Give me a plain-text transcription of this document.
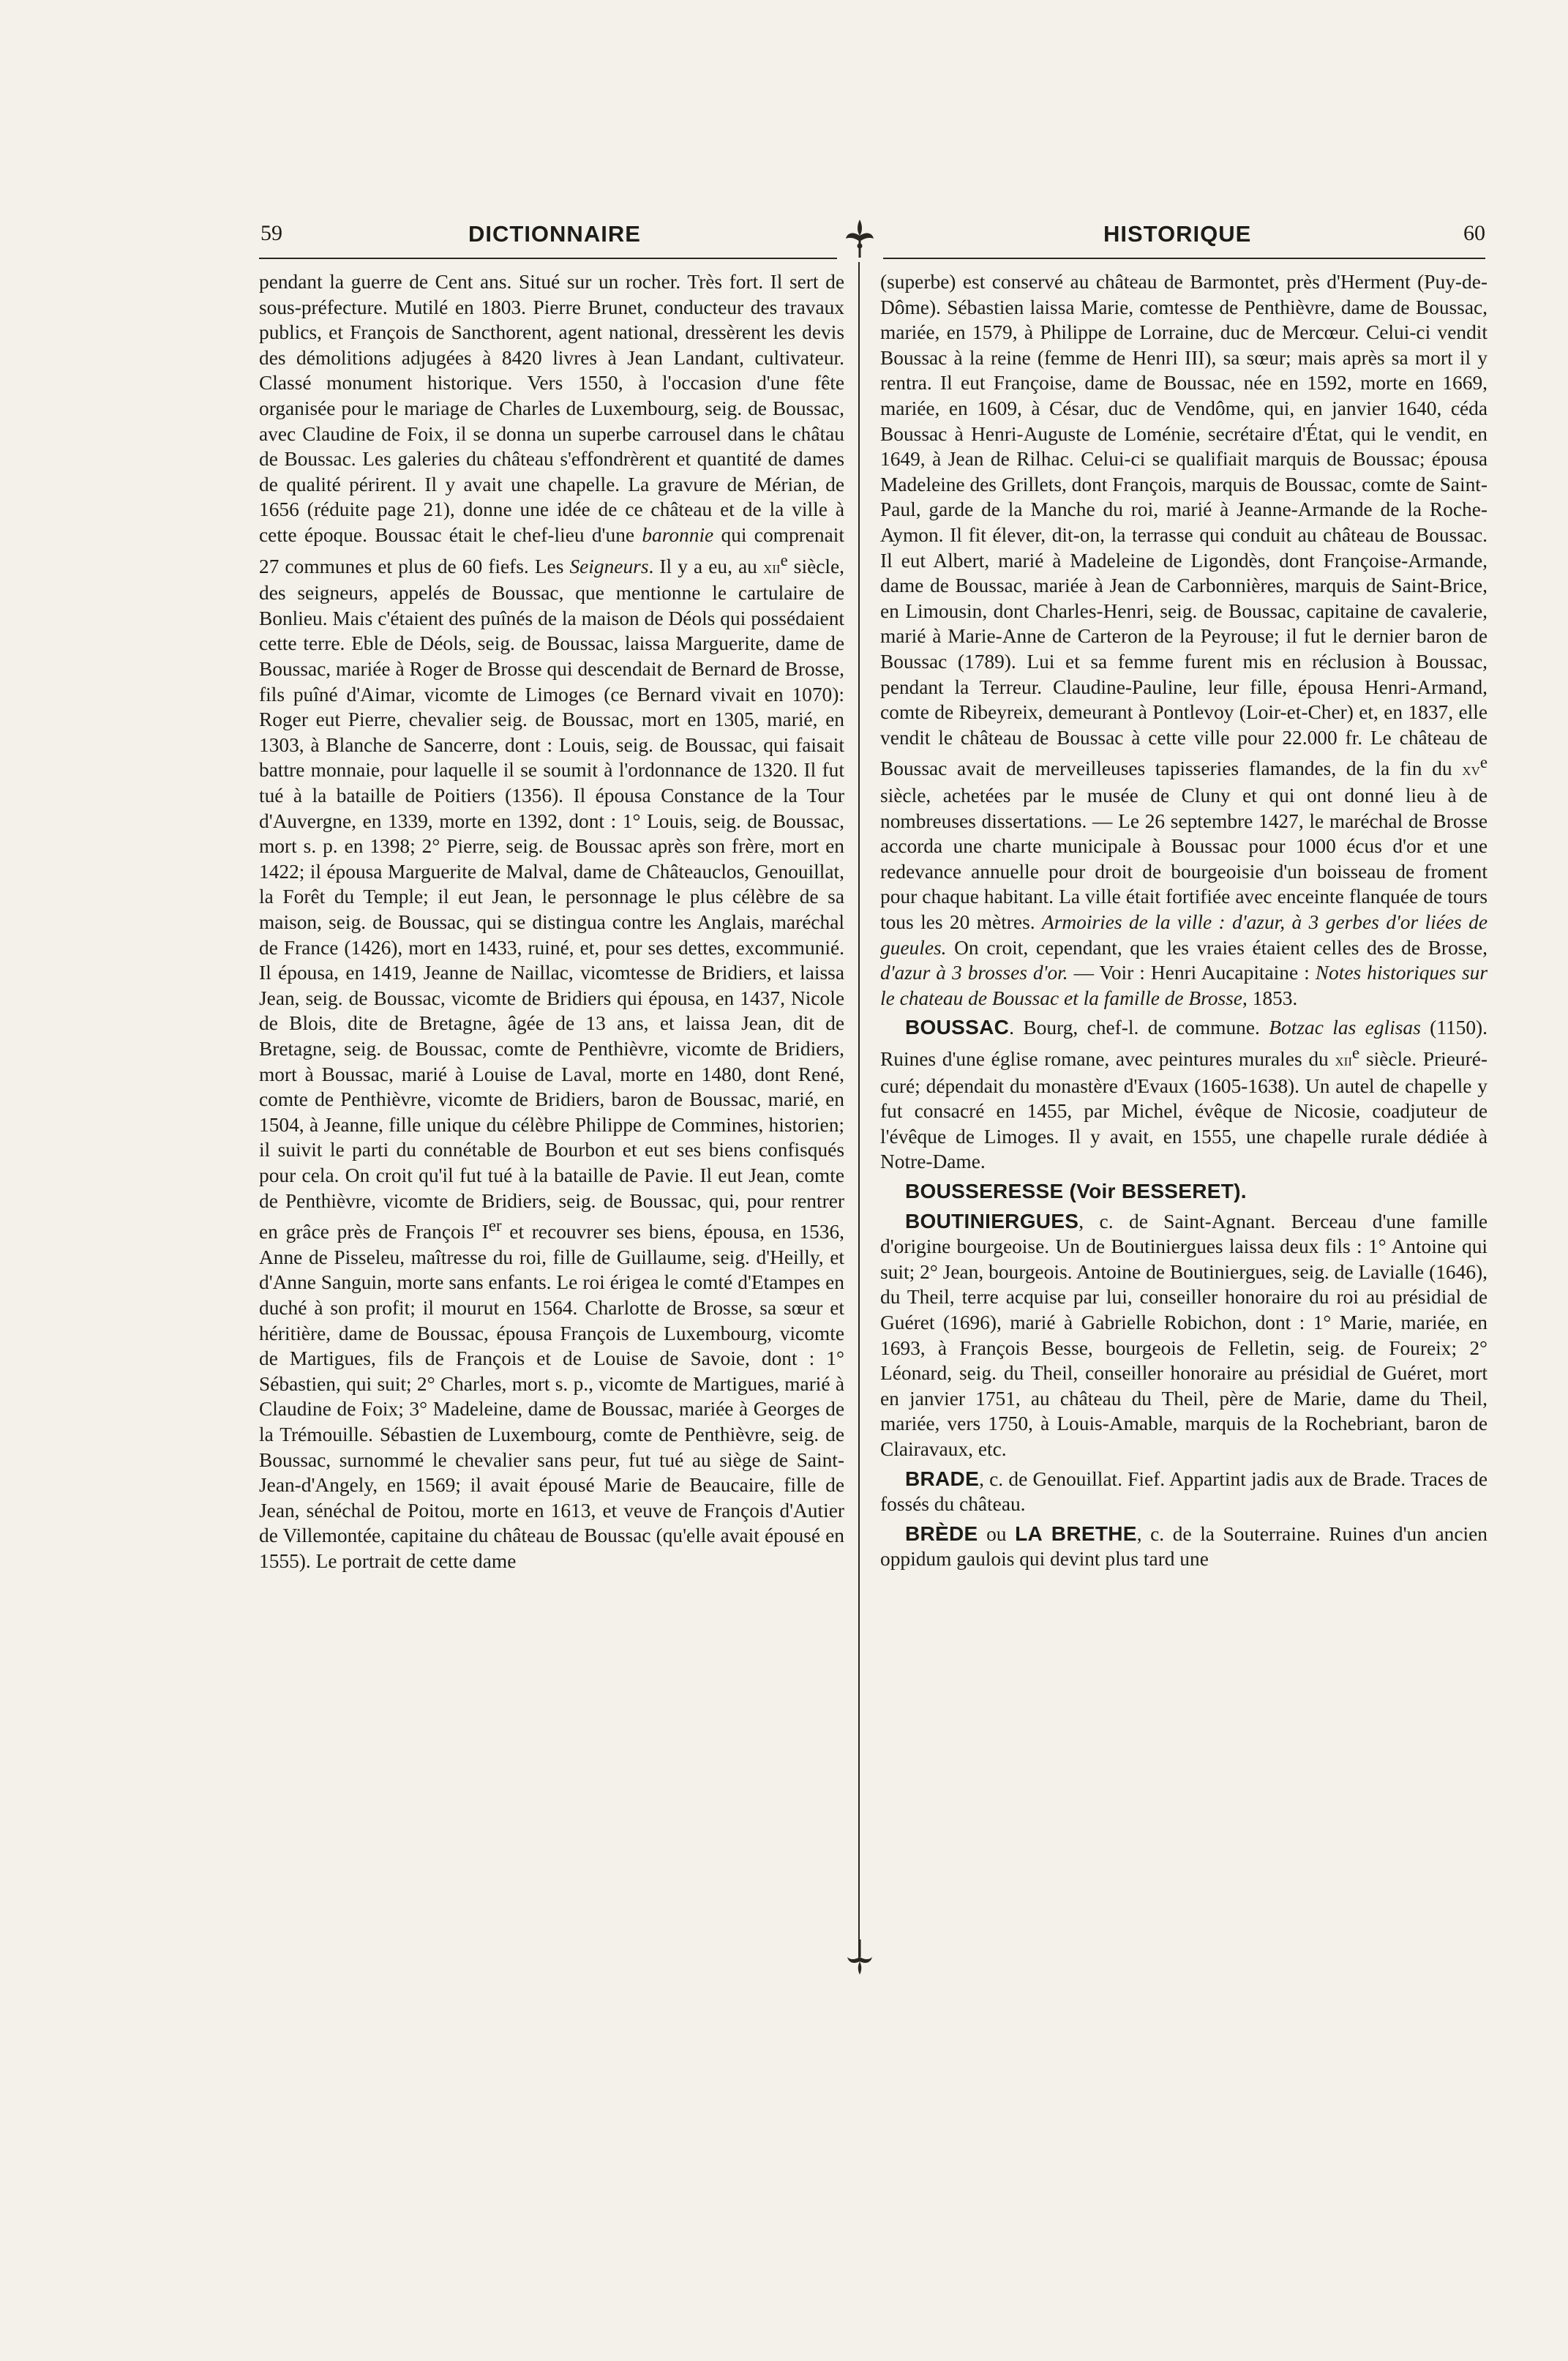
59	DICTIONNAIRE	HISTORIQUE	60

pendant la guerre de Cent ans. Situé sur un rocher. Très fort. Il sert de sous-préfecture. Mutilé en 1803. Pierre Brunet, conducteur des travaux publics, et François de Sancthorent, agent national, dressèrent les devis des démolitions adjugées à 8420 livres à Jean Landant, cultivateur. Classé monument historique. Vers 1550, à l'occasion d'une fête organisée pour le mariage de Charles de Luxembourg, seig. de Boussac, avec Claudine de Foix, il se donna un superbe carrousel dans le châtau de Boussac. Les galeries du château s'effondrèrent et quantité de dames de qualité périrent. Il y avait une chapelle. La gravure de Mérian, de 1656 (réduite page 21), donne une idée de ce château et de la ville à cette époque. Boussac était le chef-lieu d'une baronnie qui comprenait 27 communes et plus de 60 fiefs. Les Seigneurs. Il y a eu, au xii$^e$ siècle, des seigneurs, appelés de Boussac, que mentionne le cartulaire de Bonlieu. Mais c'étaient des puînés de la maison de Déols qui possédaient cette terre. Eble de Déols, seig. de Boussac, laissa Marguerite, dame de Boussac, mariée à Roger de Brosse qui descendait de Bernard de Brosse, fils puîné d'Aimar, vicomte de Limoges (ce Bernard vivait en 1070): Roger eut Pierre, chevalier seig. de Boussac, mort en 1305, marié, en 1303, à Blanche de Sancerre, dont : Louis, seig. de Boussac, qui faisait battre monnaie, pour laquelle il se soumit à l'ordonnance de 1320. Il fut tué à la bataille de Poitiers (1356). Il épousa Constance de la Tour d'Auvergne, en 1339, morte en 1392, dont : 1° Louis, seig. de Boussac, mort s. p. en 1398; 2° Pierre, seig. de Boussac après son frère, mort en 1422; il épousa Marguerite de Malval, dame de Châteauclos, Genouillat, la Forêt du Temple; il eut Jean, le personnage le plus célèbre de sa maison, seig. de Boussac, qui se distingua contre les Anglais, maréchal de France (1426), mort en 1433, ruiné, et, pour ses dettes, excommunié. Il épousa, en 1419, Jeanne de Naillac, vicomtesse de Bridiers, et laissa Jean, seig. de Boussac, vicomte de Bridiers qui épousa, en 1437, Nicole de Blois, dite de Bretagne, âgée de 13 ans, et laissa Jean, dit de Bretagne, seig. de Boussac, comte de Penthièvre, vicomte de Bridiers, mort à Boussac, marié à Louise de Laval, morte en 1480, dont René, comte de Penthièvre, vicomte de Bridiers, baron de Boussac, marié, en 1504, à Jeanne, fille unique du célèbre Philippe de Commines, historien; il suivit le parti du connétable de Bourbon et eut ses biens confisqués pour cela. On croit qu'il fut tué à la bataille de Pavie. Il eut Jean, comte de Penthièvre, vicomte de Bridiers, seig. de Boussac, qui, pour rentrer en grâce près de François Ier et recouvrer ses biens, épousa, en 1536, Anne de Pisseleu, maîtresse du roi, fille de Guillaume, seig. d'Heilly, et d'Anne Sanguin, morte sans enfants. Le roi érigea le comté d'Etampes en duché à son profit; il mourut en 1564. Charlotte de Brosse, sa sœur et héritière, dame de Boussac, épousa François de Luxembourg, vicomte de Martigues, fils de François et de Louise de Savoie, dont : 1° Sébastien, qui suit; 2° Charles, mort s. p., vicomte de Martigues, marié à Claudine de Foix; 3° Madeleine, dame de Boussac, mariée à Georges de la Trémouille. Sébastien de Luxembourg, comte de Penthièvre, seig. de Boussac, surnommé le chevalier sans peur, fut tué au siège de Saint-Jean-d'Angely, en 1569; il avait épousé Marie de Beaucaire, fille de Jean, sénéchal de Poitou, morte en 1613, et veuve de François d'Autier de Villemontée, capitaine du château de Boussac (qu'elle avait épousé en 1555). Le portrait de cette dame

(superbe) est conservé au château de Barmontet, près d'Herment (Puy-de-Dôme). Sébastien laissa Marie, comtesse de Penthièvre, dame de Boussac, mariée, en 1579, à Philippe de Lorraine, duc de Mercœur. Celui-ci vendit Boussac à la reine (femme de Henri III), sa sœur; mais après sa mort il y rentra. Il eut Françoise, dame de Boussac, née en 1592, morte en 1669, mariée, en 1609, à César, duc de Vendôme, qui, en janvier 1640, céda Boussac à Henri-Auguste de Loménie, secrétaire d'État, qui le vendit, en 1649, à Jean de Rilhac. Celui-ci se qualifiait marquis de Boussac; épousa Madeleine des Grillets, dont François, marquis de Boussac, comte de Saint-Paul, garde de la Manche du roi, marié à Jeanne-Armande de la Roche-Aymon. Il fit élever, dit-on, la terrasse qui conduit au château de Boussac. Il eut Albert, marié à Madeleine de Ligondès, dont Françoise-Armande, dame de Boussac, mariée à Jean de Carbonnières, marquis de Saint-Brice, en Limousin, dont Charles-Henri, seig. de Boussac, capitaine de cavalerie, marié à Marie-Anne de Carteron de la Peyrouse; il fut le dernier baron de Boussac (1789). Lui et sa femme furent mis en réclusion à Boussac, pendant la Terreur. Claudine-Pauline, leur fille, épousa Henri-Armand, comte de Ribeyreix, demeurant à Pontlevoy (Loir-et-Cher) et, en 1837, elle vendit le château de Boussac à cette ville pour 22.000 fr. Le château de Boussac avait de merveilleuses tapisseries flamandes, de la fin du $xv^e$ siècle, achetées par le musée de Cluny et qui ont donné lieu à de nombreuses dissertations. — Le 26 septembre 1427, le maréchal de Brosse accorda une charte municipale à Boussac pour 1000 écus d'or et une redevance annuelle pour droit de bourgeoisie d'un boisseau de froment pour chaque habitant. La ville était fortifiée avec enceinte flanquée de tours tous les 20 mètres. Armoiries de la ville : d'azur, à 3 gerbes d'or liées de gueules. On croit, cependant, que les vraies étaient celles des de Brosse, d'azur à 3 brosses d'or. — Voir : Henri Aucapitaine : Notes historiques sur le chateau de Boussac et la famille de Brosse, 1853.

BOUSSAC. Bourg, chef-l. de commune. Botzac las eglisas (1150). Ruines d'une église romane, avec peintures murales du xii$^e$ siècle. Prieuré-curé; dépendait du monastère d'Evaux (1605-1638). Un autel de chapelle y fut consacré en 1455, par Michel, évêque de Nicosie, coadjuteur de l'évêque de Limoges. Il y avait, en 1555, une chapelle rurale dédiée à Notre-Dame.

BOUSSERESSE (Voir BESSERET).

BOUTINIERGUES, c. de Saint-Agnant. Berceau d'une famille d'origine bourgeoise. Un de Boutiniergues laissa deux fils : 1° Antoine qui suit; 2° Jean, bourgeois. Antoine de Boutiniergues, seig. de Lavialle (1646), du Theil, terre acquise par lui, conseiller honoraire du roi au présidial de Guéret (1696), marié à Gabrielle Robichon, dont : 1° Marie, mariée, en 1693, à François Besse, bourgeois de Felletin, seig. de Foureix; 2° Léonard, seig. du Theil, conseiller honoraire au présidial de Guéret, mort en janvier 1751, au château du Theil, père de Marie, dame du Theil, mariée, vers 1750, à Louis-Amable, marquis de la Rochebriant, baron de Clairavaux, etc.

BRADE, c. de Genouillat. Fief. Appartint jadis aux de Brade. Traces de fossés du château.

BRÈDE ou LA BRETHE, c. de la Souterraine. Ruines d'un ancien oppidum gaulois qui devint plus tard une
